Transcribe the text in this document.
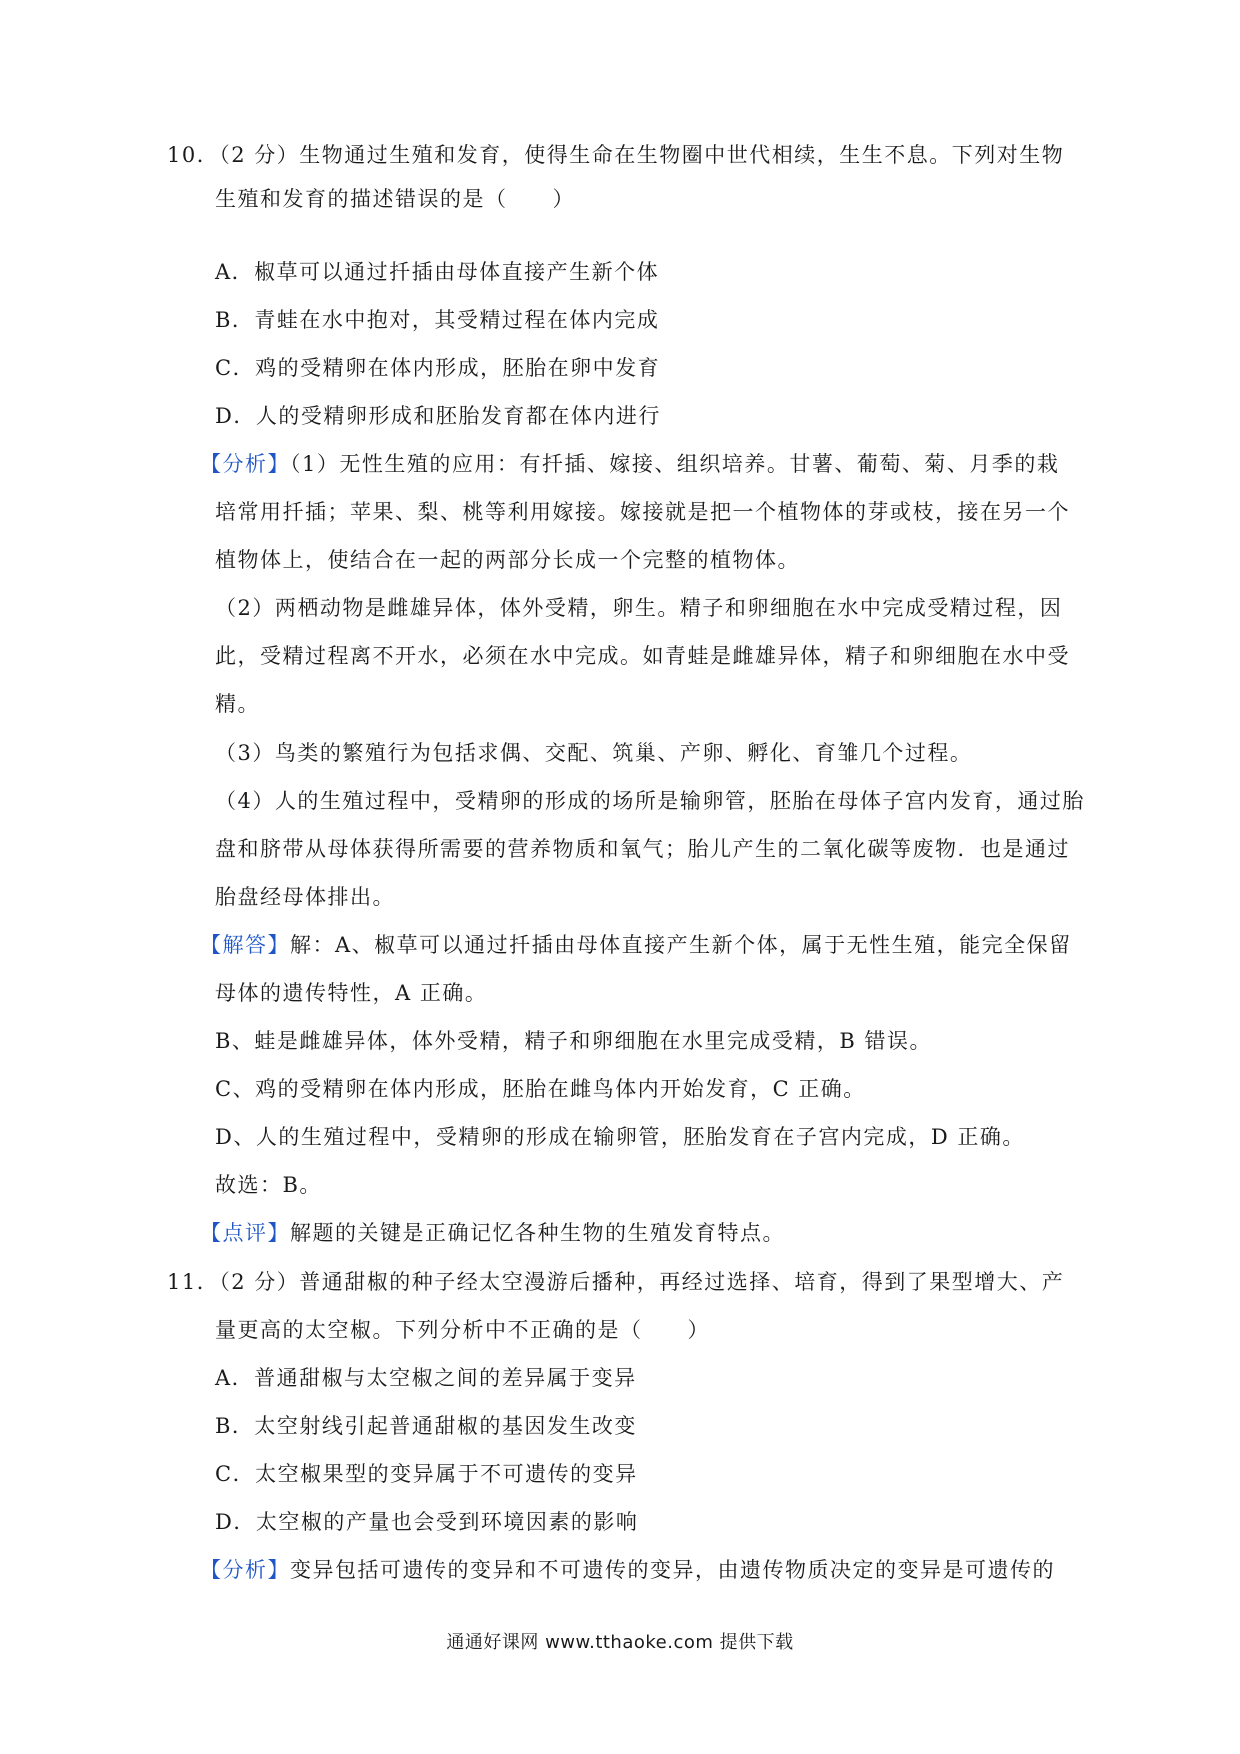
10．（2 分）生物通过生殖和发育，使得生命在生物圈中世代相续，生生不息。下列对生物
生殖和发育的描述错误的是（　　）
A．椒草可以通过扦插由母体直接产生新个体
B．青蛙在水中抱对，其受精过程在体内完成
C．鸡的受精卵在体内形成，胚胎在卵中发育
D．人的受精卵形成和胚胎发育都在体内进行
【分析】（1）无性生殖的应用：有扦插、嫁接、组织培养。甘薯、葡萄、菊、月季的栽
培常用扦插；苹果、梨、桃等利用嫁接。嫁接就是把一个植物体的芽或枝，接在另一个
植物体上，使结合在一起的两部分长成一个完整的植物体。
（2）两栖动物是雌雄异体，体外受精，卵生。精子和卵细胞在水中完成受精过程，因
此，受精过程离不开水，必须在水中完成。如青蛙是雌雄异体，精子和卵细胞在水中受
精。
（3）鸟类的繁殖行为包括求偶、交配、筑巢、产卵、孵化、育雏几个过程。
（4）人的生殖过程中，受精卵的形成的场所是输卵管，胚胎在母体子宫内发育，通过胎
盘和脐带从母体获得所需要的营养物质和氧气；胎儿产生的二氧化碳等废物．也是通过
胎盘经母体排出。
【解答】解：A、椒草可以通过扦插由母体直接产生新个体，属于无性生殖，能完全保留
母体的遗传特性，A 正确。
B、蛙是雌雄异体，体外受精，精子和卵细胞在水里完成受精，B 错误。
C、鸡的受精卵在体内形成，胚胎在雌鸟体内开始发育，C 正确。
D、人的生殖过程中，受精卵的形成在输卵管，胚胎发育在子宫内完成，D 正确。
故选：B。
【点评】解题的关键是正确记忆各种生物的生殖发育特点。
11．（2 分）普通甜椒的种子经太空漫游后播种，再经过选择、培育，得到了果型增大、产
量更高的太空椒。下列分析中不正确的是（　　）
A．普通甜椒与太空椒之间的差异属于变异
B．太空射线引起普通甜椒的基因发生改变
C．太空椒果型的变异属于不可遗传的变异
D．太空椒的产量也会受到环境因素的影响
【分析】变异包括可遗传的变异和不可遗传的变异，由遗传物质决定的变异是可遗传的
通通好课网 www.tthaoke.com 提供下载
